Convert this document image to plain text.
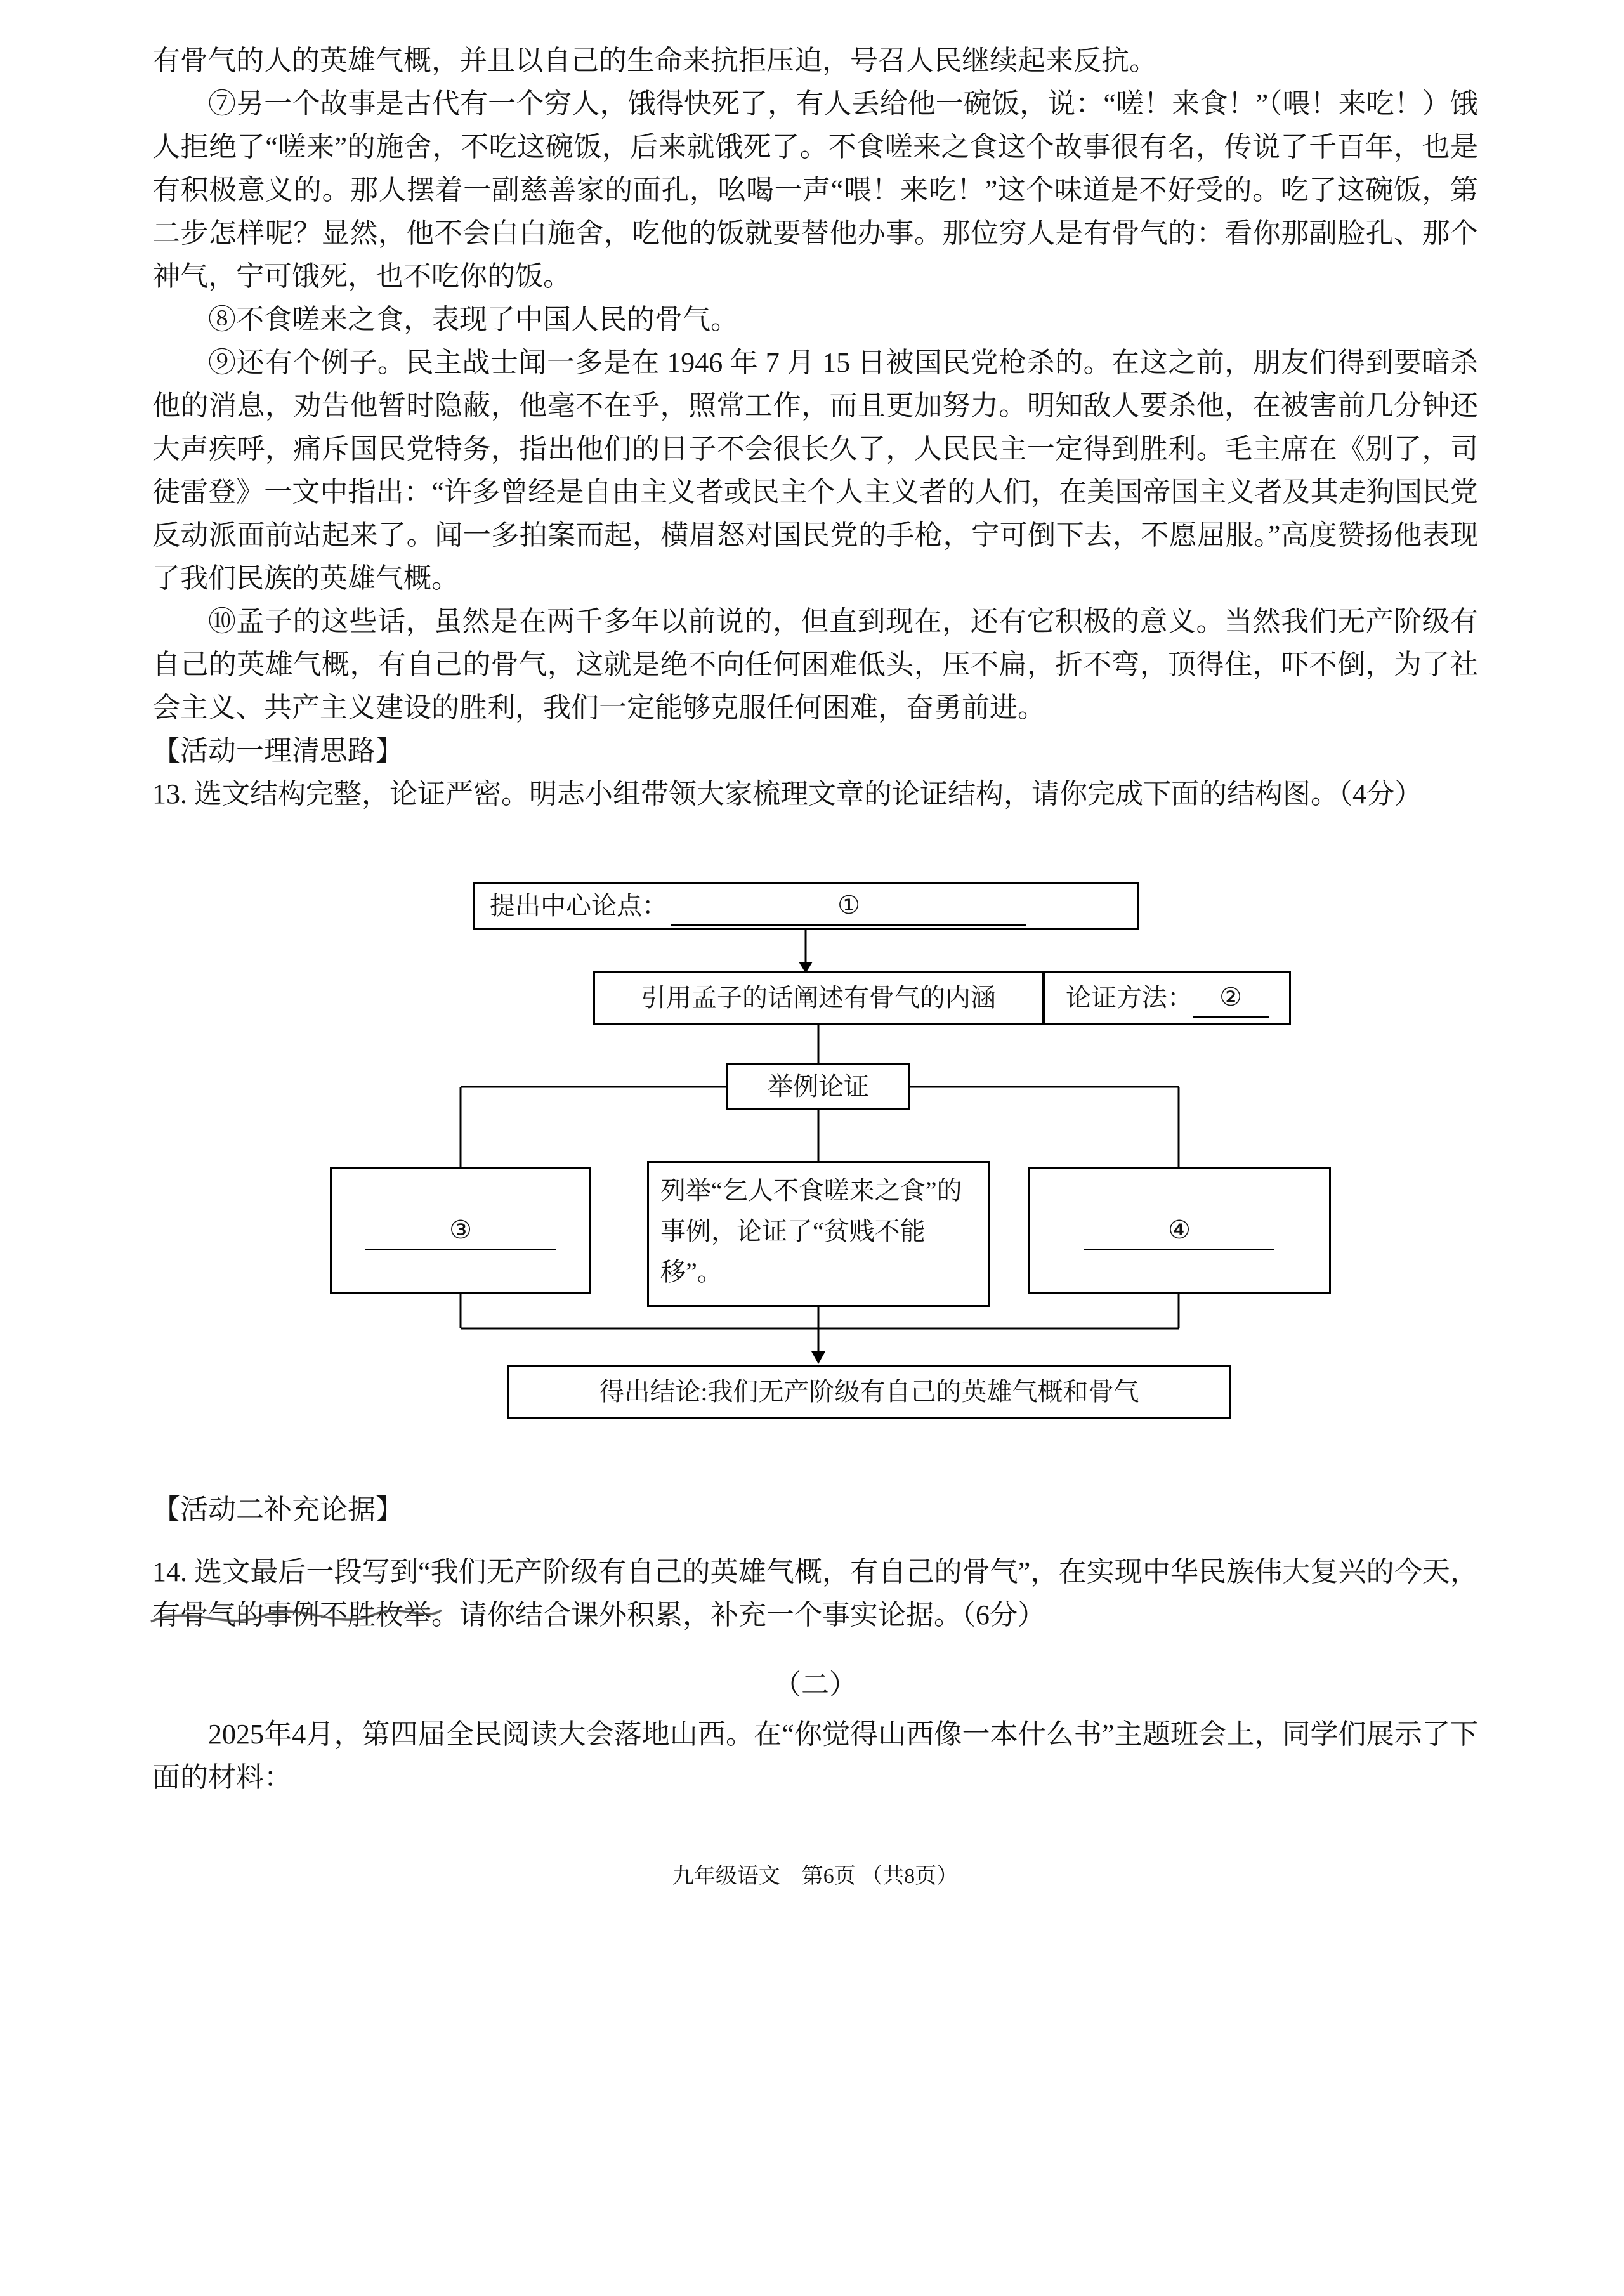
有骨气的人的英雄气概，并且以自己的生命来抗拒压迫，号召人民继续起来反抗。

⑦另一个故事是古代有一个穷人，饿得快死了，有人丢给他一碗饭，说：“嗟！来食！”（喂！来吃！）饿人拒绝了“嗟来”的施舍，不吃这碗饭，后来就饿死了。不食嗟来之食这个故事很有名，传说了千百年，也是有积极意义的。那人摆着一副慈善家的面孔，吆喝一声“喂！来吃！”这个味道是不好受的。吃了这碗饭，第二步怎样呢？显然，他不会白白施舍，吃他的饭就要替他办事。那位穷人是有骨气的：看你那副脸孔、那个神气，宁可饿死，也不吃你的饭。

⑧不食嗟来之食，表现了中国人民的骨气。

⑨还有个例子。民主战士闻一多是在 1946 年 7 月 15 日被国民党枪杀的。在这之前，朋友们得到要暗杀他的消息，劝告他暂时隐蔽，他毫不在乎，照常工作，而且更加努力。明知敌人要杀他，在被害前几分钟还大声疾呼，痛斥国民党特务，指出他们的日子不会很长久了，人民民主一定得到胜利。毛主席在《别了，司徒雷登》一文中指出：“许多曾经是自由主义者或民主个人主义者的人们，在美国帝国主义者及其走狗国民党反动派面前站起来了。闻一多拍案而起，横眉怒对国民党的手枪，宁可倒下去，不愿屈服。”高度赞扬他表现了我们民族的英雄气概。

⑩孟子的这些话，虽然是在两千多年以前说的，但直到现在，还有它积极的意义。当然我们无产阶级有自己的英雄气概，有自己的骨气，这就是绝不向任何困难低头，压不扁，折不弯，顶得住，吓不倒，为了社会主义、共产主义建设的胜利，我们一定能够克服任何困难，奋勇前进。

【活动一理清思路】

13. 选文结构完整，论证严密。明志小组带领大家梳理文章的论证结构，请你完成下面的结构图。（4分）

提出中心论点：	①
引用孟子的话阐述有骨气的内涵	论证方法：	②
举例论证
③
列举“乞人不食嗟来之食”的事例，论证了“贫贱不能移”。
④
得出结论:我们无产阶级有自己的英雄气概和骨气

【活动二补充论据】

14. 选文最后一段写到“我们无产阶级有自己的英雄气概，有自己的骨气”，在实现中华民族伟大复兴的今天，有骨气的事例不胜枚举。请你结合课外积累，补充一个事实论据。（6分）

（二）

2025年4月，第四届全民阅读大会落地山西。在“你觉得山西像一本什么书”主题班会上，同学们展示了下面的材料：

九年级语文　第6页 （共8页）
